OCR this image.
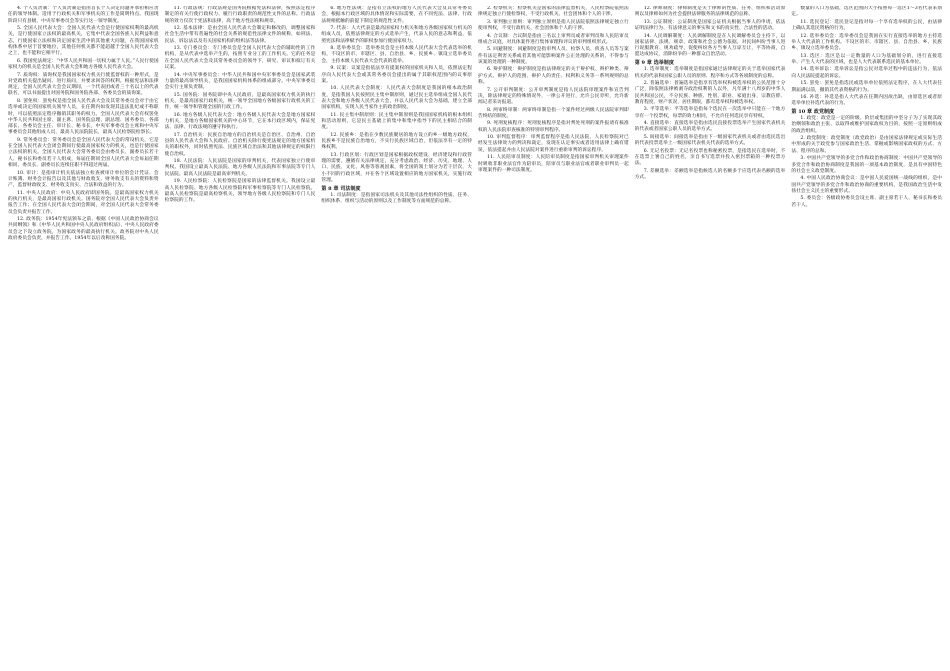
4. 个人负责制：个人负责制是指由首长个人决定问题并承担相应责任的领导体制。适用于行政机关和军事机关的工作是简明特点。我国现阶段只有县级、中央军事委员会等实行这一领导制度。

5. 全国人民代表大会：全国人民代表大会是行使国家权利的最高机关，是行使国家立法权的最高机关，它集中代表全国各族人民利益和意志，行使国家立法权和决定国家生活中的其他重大问题，在我国国家机构体系中居于首要地位，其他任何机关都不能超越于全国人民代表大会之上，也不能和它相平行。

6. 我国宪法规定：“中华人民共和国一切权力属于人民。”人民行使国家权力的机关是全国人民代表大会和地方各级人民代表大会。

7. 质询权：质询权是我国国家权力机关行使监督权的一种形式，是对党政机关提出疑问、进行质问，并要求回答的权利。根据宪法和法律规定，全国人民代表大会会议期间，一个代表团或者三十名以上的代表联名，可以书面提出对国务院和国务院各部、各委员会的质询案。

8. 罢免权：罢免权是指全国人民代表大会及其常务委员会对于由它选举或决定的国家机关领导人员，在任期内如发现其违法乱纪或不称职时，可以依照法定程序撤销其职务的权力。全国人民代表大会有权罢免中华人民共和国主席、副主席，国务院总理、副总理、国务委员、各部部长、各委员会主任、审计长、秘书长，中央军事委员会主席和中央军事委员会其他组成人员，最高人民法院院长，最高人民检察院检察长。

9. 常务委员会：常务委员会是全国人民代表大会的常设机关，它是在全国人民代表大会闭会期间行使最高国家权力的机关，也是行使国家立法权的机关。全国人民代表大会常务委员会由委员长、副委员长若干人、秘书长和委员若干人组成，每届任期同全国人民代表大会每届任期相同，委员长、副委员长连续任职不得超过两届。

10. 审计：是指审计机关依法独立检查被审计单位的会计凭证、会计账簿、财务会计报告以及其他与财政收支、财务收支有关的资料和资产，监督财政收支、财务收支真实、合法和效益的行为。

11. 中央人民政府：中央人民政府即国务院，是最高国家权力机关的执行机关，是最高国家行政机关。国务院对全国人民代表大会负责并报告工作；在全国人民代表大会闭会期间，对全国人民代表大会常务委员会负责并报告工作。

12. 政务院：1954年宪法颁布之前，根据《中国人民政治协商会议共同纲领》和《中华人民共和国中央人民政府组织法》，中央人民政府委员会之下设立政务院，为国家政务的最高执行机关。政务院对中央人民政府委员会负责，并报告工作。1954年以后改称国务院。

11. 行政法规：行政法规是国务院根据宪法和法律，按照法定程序制定的有关行使行政权力、履行行政职责的规范性文件的总称。行政法规的效力仅次于宪法和法律，高于地方性法规和规章。

12. 基本法律：是由全国人民代表大会制定和修改的，调整国家和社会生活中带有普遍性的社会关系的规范性法律文件的统称，如刑法、民法、诉讼法以及有关国家机构的组织法等法律。

13. 专门委员会：专门委员会是全国人民代表大会的辅助性的工作机构，是从代表中选举产生的，按照专业分工的工作机关。它的任务是在全国人民代表大会及其常务委员会的领导下，研究、审议和拟订有关议案。

14. 中央军事委员会：中华人民共和国中央军事委员会是国家武装力量的最高领导机关，是我国国家机构体系的组成部分。中央军事委员会实行主席负责制。

15. 国务院：国务院即中央人民政府，是最高国家权力机关的执行机关，是最高国家行政机关，统一领导全国地方各级国家行政机关的工作，统一领导和管理全国的行政工作。

16. 地方各级人民代表大会：地方各级人民代表大会是地方国家权力机关，是地方各级国家机关的中心环节，它在本行政区域内，保证宪法、法律、行政法规的遵守和执行。

17. 自治机关：民族自治地方的自治机关是自治区、自治州、自治县的人民代表大会和人民政府。自治机关除行使宪法规定的地方国家机关的职权外，同时依照宪法、民族区域自治法和其他法律规定的权限行使自治权。

18. 人民法院：人民法院是国家的审判机关，代表国家独立行使审判权。我国设立最高人民法院、地方各级人民法院和军事法院等专门人民法院。最高人民法院是最高审判机关。

19. 人民检察院：人民检察院是国家的法律监督机关。我国设立最高人民检察院、地方各级人民检察院和军事检察院等专门人民检察院。最高人民检察院是最高检察机关，领导地方各级人民检察院和专门人民检察院的工作。

6. 地方性法规：是指有立法权的地方人民代表大会及其常务委员会，根据本行政区域的具体情况和实际需要，在不同宪法、法律、行政法规相抵触的前提下制定的规范性文件。

7. 代表：人大代表是最高国家权力机关和地方各级国家权力机关的组成人员，依照法律规定的方式选举产生，代表人民的意志和利益，依照宪法和法律赋予的职权参加行使国家权力。

8. 选举委员会：选举委员会是主持本级人民代表大会代表选举的机构，不设区的市、市辖区、县、自治县、乡、民族乡、镇设立选举委员会，主持本级人民代表大会代表的选举。

9. 议案：议案是指依法享有提案权的国家机关和人员，依照法定程序向人民代表大会或其常务委员会提出的属于其职权范围内的议事原案。

10. 人民代表大会制度：人民代表大会制度是我国的根本政治制度，是指我国人民按照民主集中制原则，通过民主选举组成全国人民代表大会和地方各级人民代表大会，并以人民代表大会为基础，建立全部国家机构，实现人民当家作主的政治制度。

11. 民主集中制原则：民主集中制原则是我国国家机构的根本组织和活动原则，它是民主基础上的集中和集中指导下的民主相结合的制度。

12. 民族乡：是指在少数民族聚居的地方设立的乡一级地方政权，民族乡不是民族自治地方，不实行民族区域自治，但依法享有一定的特殊权利。

13. 行政区划：行政区划是国家根据政权建设、经济建设和行政管理的需要，遵循有关法律规定，充分考虑政治、经济、历史、地理、人口、民族、文化、风俗等客观因素，将全国的领土划分为若干层次、大小不同的行政区域，并在各个区域设置相应的地方国家机关，实施行政管理。

第 8 章 司法制度

1. 司法制度：是指国家司法机关及其他司法性组织的性质、任务、组织体系、组织与活动的原则以及工作制度等方面规范的总称。

2. 检察机关：检察机关是国家的法律监督机关，人民检察院依照法律规定独立行使检察权，不受行政机关、社会团体和个人的干涉。

3. 审判独立原则：审判独立原则是指人民法院依照法律规定独立行使审判权，不受行政机关、社会团体和个人的干涉。

4. 合议制：合议制是指由三名以上审判员或者审判员和人民陪审员组成合议庭，对具体案件进行集体审理和评议的审判组织形式。

5. 回避制度：回避制度是指审判人员、检察人员、侦查人员等与案件有法定利害关系或者其他可能影响案件公正处理的关系的，不得参与该案的处理的一种制度。

6. 辩护制度：辩护制度是指法律规定的关于辩护权、辩护种类、辩护方式、辩护人的范围、辩护人的责任、权利和义务等一系列规则的总称。

7. 公开审判制度：公开审判制度是指人民法院审理案件和宣告判决，除法律规定的特殊情况外，一律公开进行，允许公民旁听，允许新闻记者采访报道。

8. 两审终审制：两审终审制是指一个案件经过两级人民法院审判即告终结的制度。

9. 死刑复核程序：死刑复核程序是指对判处死刑的案件报请有核准权的人民法院审查核准的特别审判程序。

10. 审判监督程序：审判监督程序是指人民法院、人民检察院对已经发生法律效力的判决和裁定，发现在认定事实或者适用法律上确有错误，依法提起并由人民法院对案件进行重新审判的诉讼程序。

11. 人民陪审员制度：人民陪审员制度是指国家审判机关审理案件时吸收非职业法官作为陪审员，陪审员与职业法官或者职业审判员一起审理案件的一种司法制度。

12. 律师制度：律师制度是关于律师的性质、任务、组织和活动原则以及律师如何为社会提供法律服务的法律规范的总称。

13. 公证制度：公证制度是国家公证机关根据当事人的申请，依法证明法律行为、有法律意义的事实和文书的真实性、合法性的活动。

14. 人民调解制度：人民调解制度是在人民调解委员会主持下，以国家法律、法规、规章、政策和社会公德为依据，对民间纠纷当事人进行说服教育、规劝疏导，促使纠纷各方当事人互谅互让，平等协商，自愿达成协议，消除纷争的一种群众自治活动。

第 9 章 选举制度

1. 选举制度：选举制度是指国家通过法律规定的关于选举国家代表机关的代表和国家公职人员的原则、程序和方式等各项制度的总称。

2. 普遍选举：普遍选举是指享有选举权和被选举权的公民范围十分广泛，除依照法律被剥夺政治权利的人以外，凡年满十八周岁的中华人民共和国公民，不分民族、种族、性别、职业、家庭出身、宗教信仰、教育程度、财产状况、居住期限，都有选举权和被选举权。

3. 平等选举：平等选举是指每个选民在一次选举中只能在一个地方享有一个投票权，每票的效力相同，不允许任何选民享有特权。

4. 直接选举：直接选举是指由选民直接投票选举产生国家代表机关的代表或者国家公职人员的选举方式。

5. 间接选举：间接选举是指由下一级国家代表机关或者由选民选出的代表投票选举上一级国家代表机关代表的选举方式。

6. 无记名投票：无记名投票也称秘密投票，是指选民在选举时，不在选票上署自己的姓名，亲自书写选票并投入密封票箱的一种投票方法。

7. 差额选举：差额选举是指候选人的名额多于应选代表名额的选举方式。

数量的人口为基础，选区范围的大小按照每一选区1～3名代表来划定。

11. 选民登记：选民登记是指对每一个享有选举权的公民，由法律上确认其选民资格的行为。

12. 选举委员会：选举委员会是我国在实行直接选举的地方主持选举人大代表的工作机构。不设区的市、市辖区、县、自治县、乡、民族乡、镇设立选举委员会。

13. 选区：选区是以一定数量的人口为基础划分的，进行直接选举、产生人大代表的区域，也是人大代表联系选民的基本单位。

14. 选举诉讼：选举诉讼是指公民对选举过程中的违法行为，依法向人民法院提起的诉讼。

15. 罢免：罢免是指选民或选举单位依照法定程序，在人大代表任期届满以前，撤销其代表资格的行为。

16. 补选：补选是指人大代表在任期内因故出缺，由原选区或者原选举单位补选代表的行为。

第 10 章 政党制度

1. 政党：政党是一定的阶级、阶层或集团的中坚分子为了实现其政治纲领和政治主张、以取得或维护国家政权为目的，按照一定原则组成的政治组织。

2. 政党制度：政党制度（政党政治）是由国家法律规定或实际生活中形成的关于政党参与国家政治生活、掌握或影响国家政权的方式、方法、程序的总和。

3. 中国共产党领导的多党合作和政治协商制度：中国共产党领导的多党合作和政治协商制度是我国的一项基本政治制度，是具有中国特色的社会主义政党制度。

4. 中国人民政治协商会议：是中国人民爱国统一战线的组织，是中国共产党领导的多党合作和政治协商的重要机构，是我国政治生活中发扬社会主义民主的重要形式。

5. 委员会：各级政协委员会设主席、副主席若干人、秘书长和委员若干人。
